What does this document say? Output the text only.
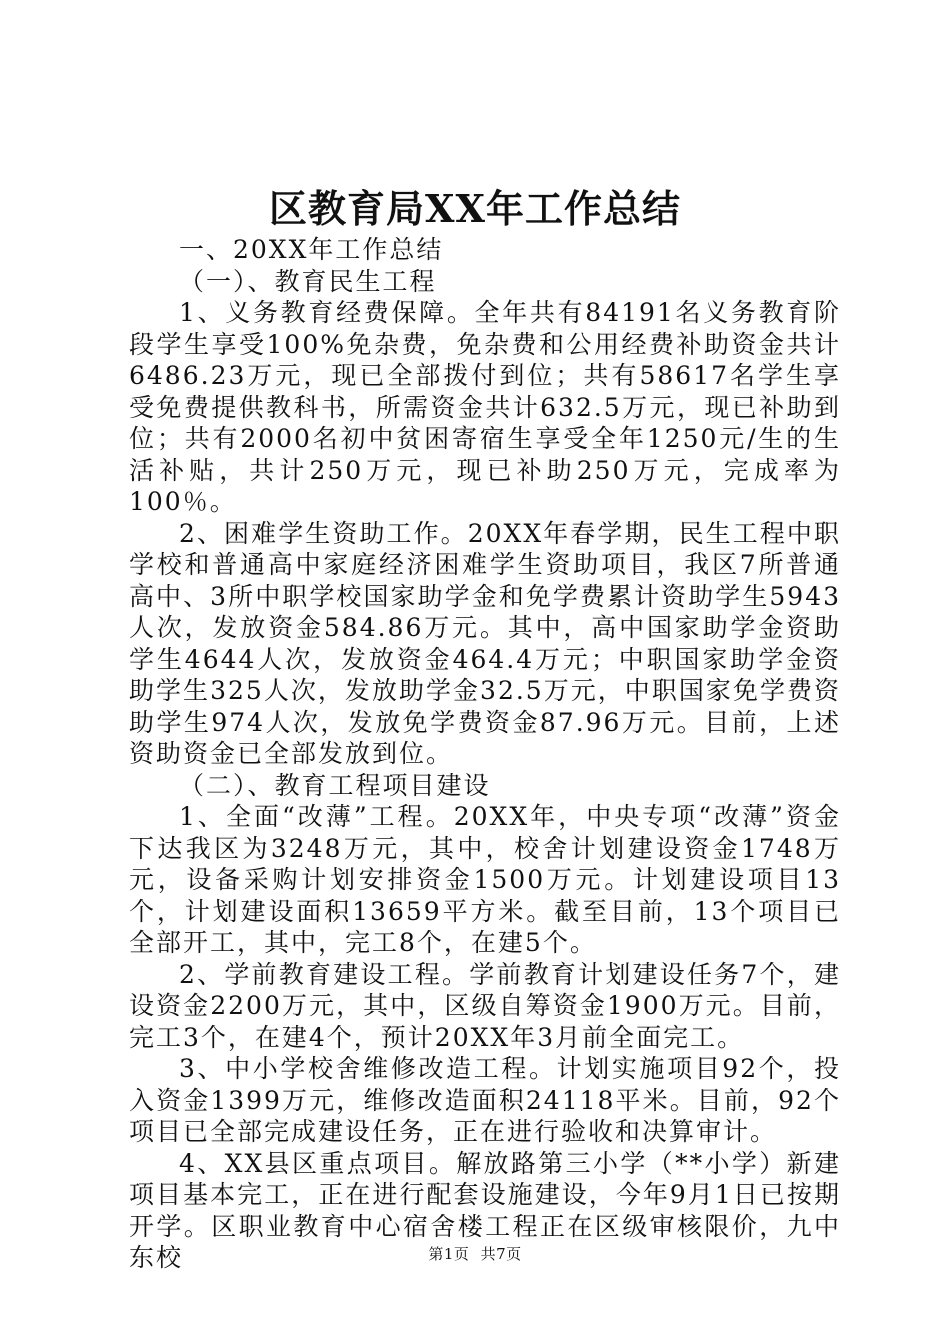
区教育局XX年工作总结

一、20XX年工作总结

（一）、教育民生工程

1、义务教育经费保障。全年共有84191名义务教育阶段学生享受100%免杂费，免杂费和公用经费补助资金共计6486.23万元，现已全部拨付到位；共有58617名学生享受免费提供教科书，所需资金共计632.5万元，现已补助到位；共有2000名初中贫困寄宿生享受全年1250元/生的生活补贴，共计250万元，现已补助250万元，完成率为100％。

2、困难学生资助工作。20XX年春学期，民生工程中职学校和普通高中家庭经济困难学生资助项目，我区7所普通高中、3所中职学校国家助学金和免学费累计资助学生5943人次，发放资金584.86万元。其中，高中国家助学金资助学生4644人次，发放资金464.4万元；中职国家助学金资助学生325人次，发放助学金32.5万元，中职国家免学费资助学生974人次，发放免学费资金87.96万元。目前，上述资助资金已全部发放到位。

（二）、教育工程项目建设

1、全面“改薄”工程。20XX年，中央专项“改薄”资金下达我区为3248万元，其中，校舍计划建设资金1748万元，设备采购计划安排资金1500万元。计划建设项目13个，计划建设面积13659平方米。截至目前，13个项目已全部开工，其中，完工8个，在建5个。

2、学前教育建设工程。学前教育计划建设任务7个，建设资金2200万元，其中，区级自筹资金1900万元。目前，完工3个，在建4个，预计20XX年3月前全面完工。

3、中小学校舍维修改造工程。计划实施项目92个，投入资金1399万元，维修改造面积24118平米。目前，92个项目已全部完成建设任务，正在进行验收和决算审计。

4、XX县区重点项目。解放路第三小学（**小学）新建项目基本完工，正在进行配套设施建设，今年9月1日已按期开学。区职业教育中心宿舍楼工程正在区级审核限价，九中东校	第1页 共7页
